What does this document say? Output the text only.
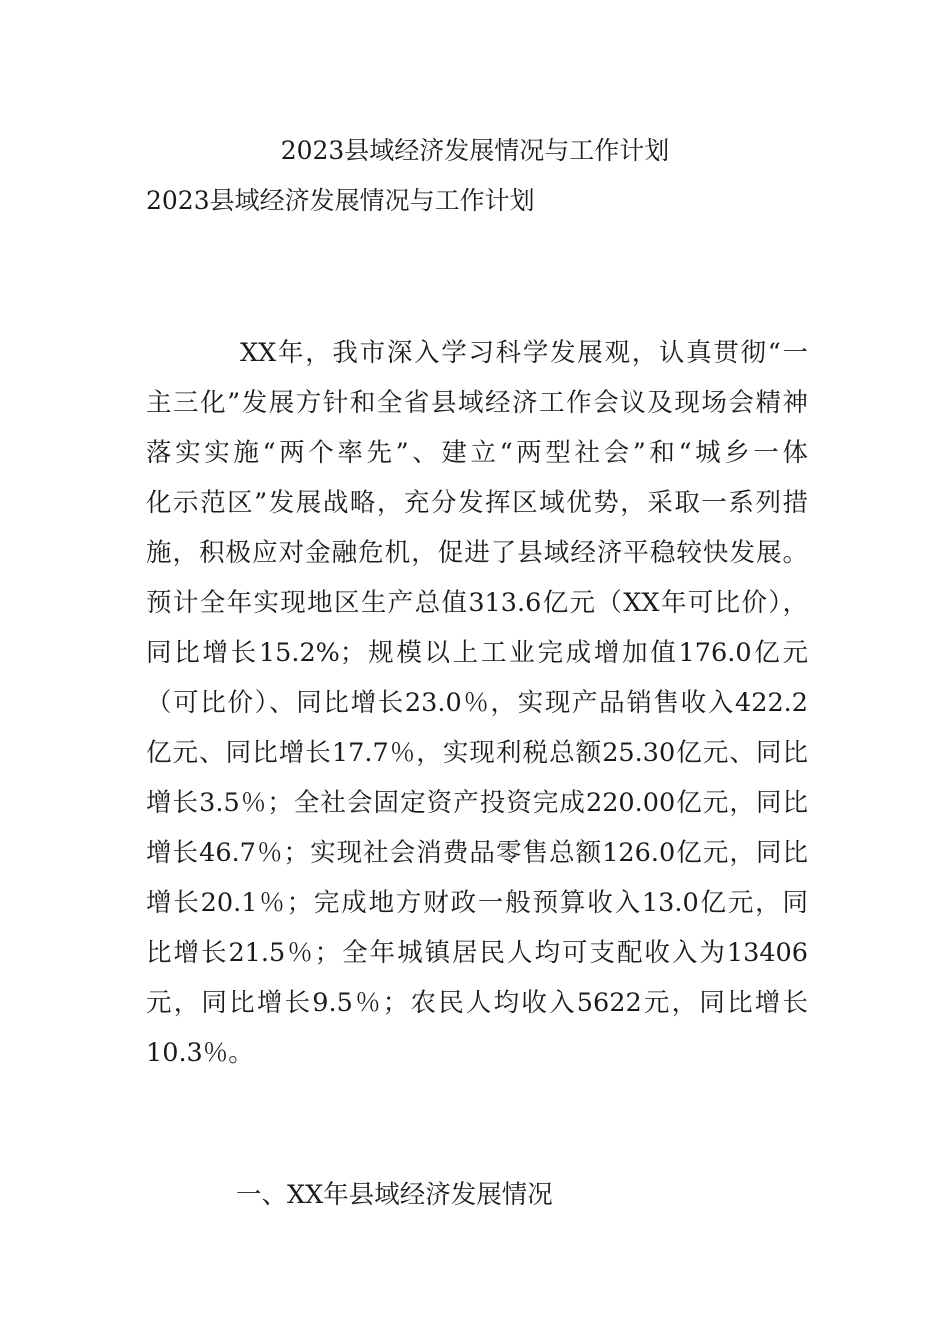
2023县域经济发展情况与工作计划
2023县域经济发展情况与工作计划
XX年，我市深入学习科学发展观，认真贯彻“一
主三化”发展方针和全省县域经济工作会议及现场会精神
落实实施“两个率先”、建立“两型社会”和“城乡一体
化示范区”发展战略，充分发挥区域优势，采取一系列措
施，积极应对金融危机，促进了县域经济平稳较快发展。
预计全年实现地区生产总值313.6亿元（XX年可比价），
同比增长15.2%；规模以上工业完成增加值176.0亿元
（可比价）、同比增长23.0％，实现产品销售收入422.2
亿元、同比增长17.7％，实现利税总额25.30亿元、同比
增长3.5％；全社会固定资产投资完成220.00亿元，同比
增长46.7％；实现社会消费品零售总额126.0亿元，同比
增长20.1％；完成地方财政一般预算收入13.0亿元，同
比增长21.5％；全年城镇居民人均可支配收入为13406
元，同比增长9.5％；农民人均收入5622元，同比增长
10.3％。
一、XX年县域经济发展情况
